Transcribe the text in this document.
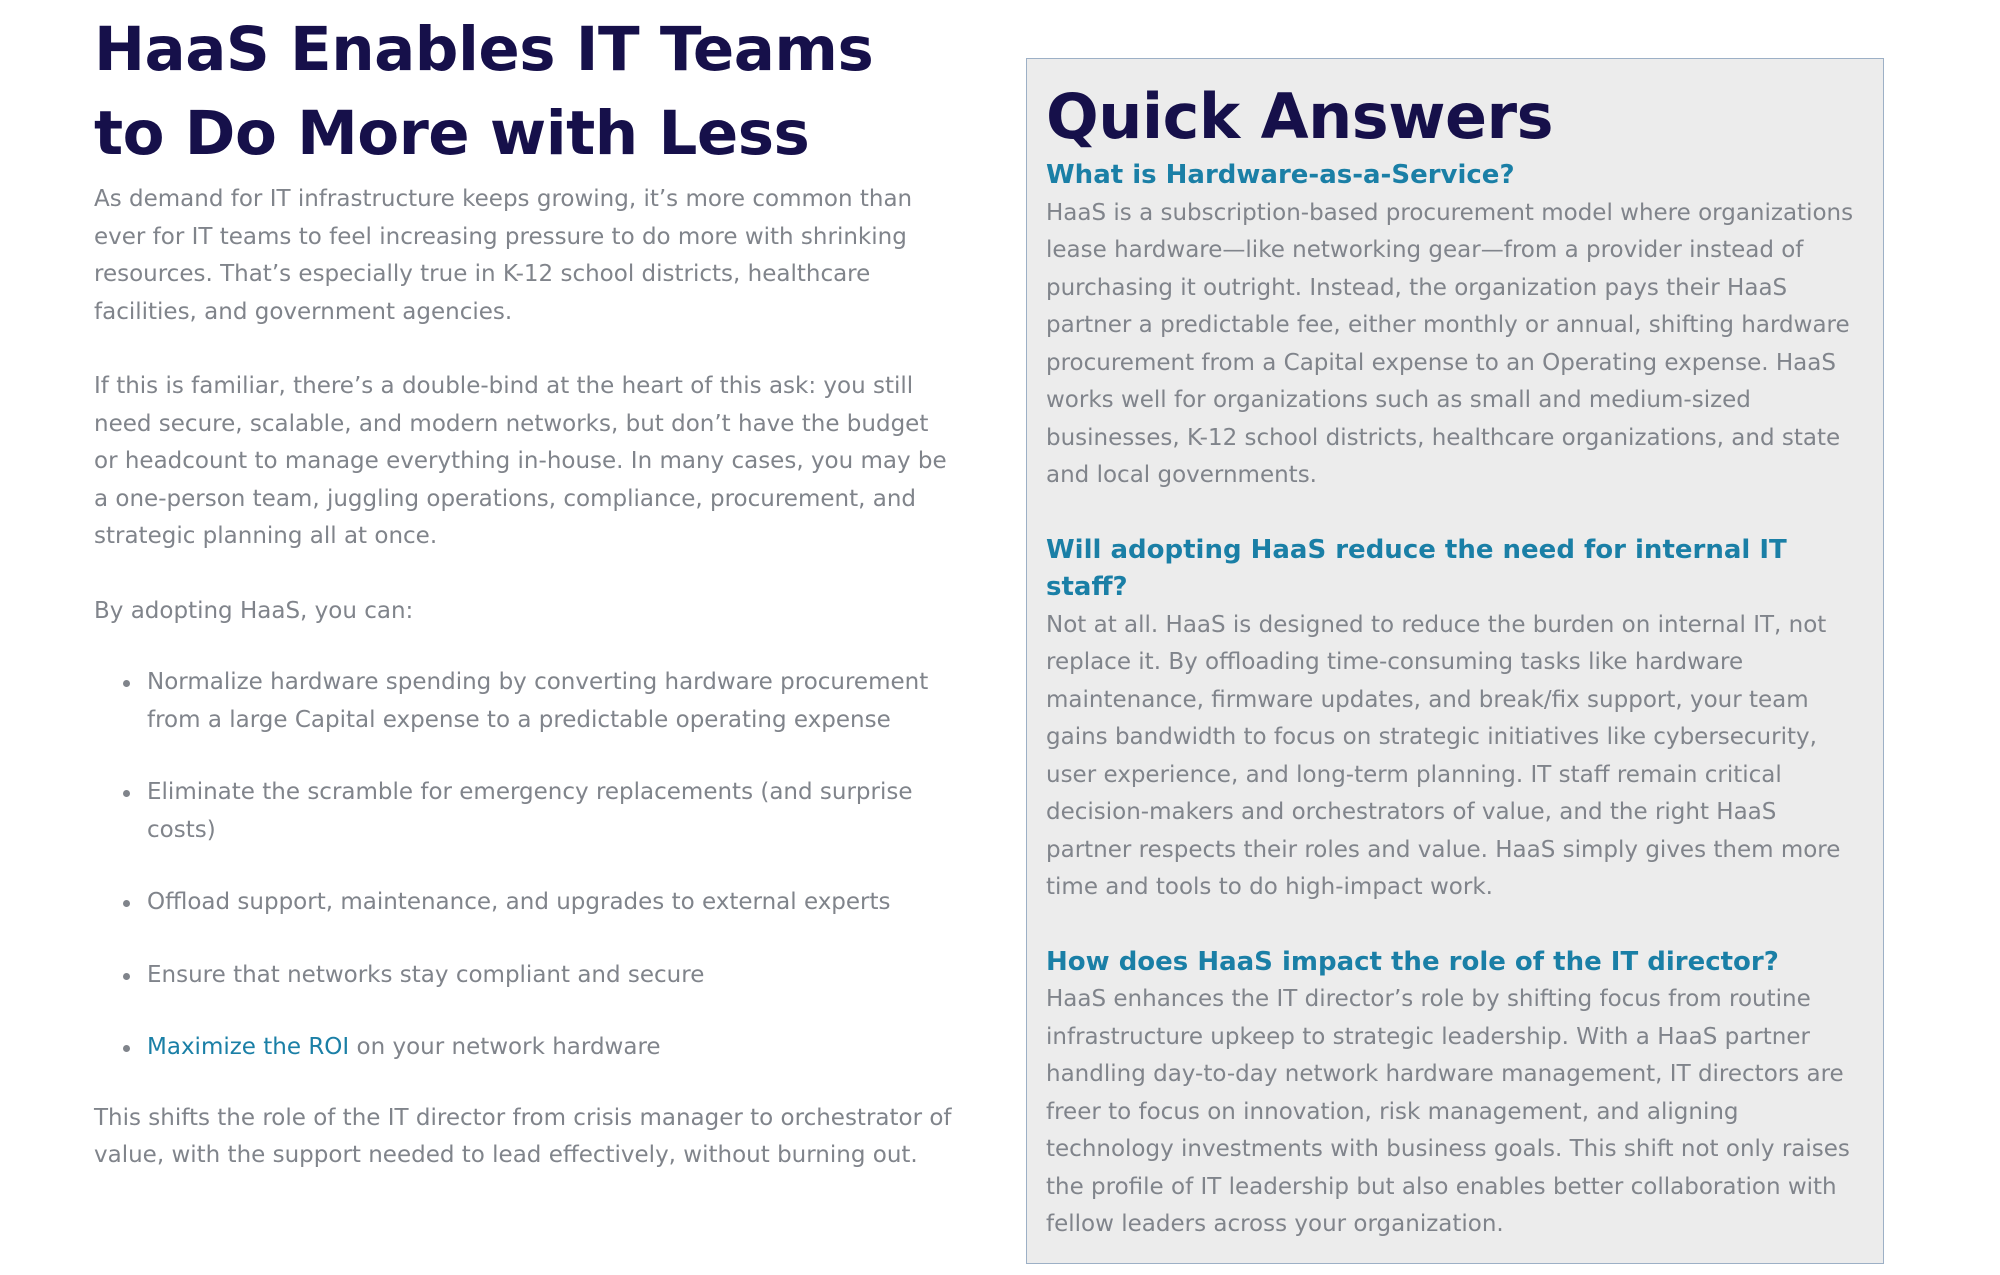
HaaS Enables IT Teams to Do More with Less

As demand for IT infrastructure keeps growing, it’s more common than ever for IT teams to feel increasing pressure to do more with shrinking resources. That’s especially true in K-12 school districts, healthcare facilities, and government agencies.

If this is familiar, there’s a double-bind at the heart of this ask: you still need secure, scalable, and modern networks, but don’t have the budget or headcount to manage everything in-house. In many cases, you may be a one-person team, juggling operations, compliance, procurement, and strategic planning all at once.

By adopting HaaS, you can:

Normalize hardware spending by converting hardware procurement from a large Capital expense to a predictable operating expense
Eliminate the scramble for emergency replacements (and surprise costs)
Offload support, maintenance, and upgrades to external experts
Ensure that networks stay compliant and secure
Maximize the ROI on your network hardware

This shifts the role of the IT director from crisis manager to orchestrator of value, with the support needed to lead effectively, without burning out.

Quick Answers
What is Hardware-as-a-Service?

HaaS is a subscription-based procurement model where organizations lease hardware—like networking gear—from a provider instead of purchasing it outright. Instead, the organization pays their HaaS partner a predictable fee, either monthly or annual, shifting hardware procurement from a Capital expense to an Operating expense. HaaS works well for organizations such as small and medium-sized businesses, K-12 school districts, healthcare organizations, and state and local governments.

Will adopting HaaS reduce the need for internal IT staff?

Not at all. HaaS is designed to reduce the burden on internal IT, not replace it. By offloading time-consuming tasks like hardware maintenance, firmware updates, and break/fix support, your team gains bandwidth to focus on strategic initiatives like cybersecurity, user experience, and long-term planning. IT staff remain critical decision-makers and orchestrators of value, and the right HaaS partner respects their roles and value. HaaS simply gives them more time and tools to do high-impact work.

How does HaaS impact the role of the IT director?

HaaS enhances the IT director’s role by shifting focus from routine infrastructure upkeep to strategic leadership. With a HaaS partner handling day-to-day network hardware management, IT directors are freer to focus on innovation, risk management, and aligning technology investments with business goals. This shift not only raises the profile of IT leadership but also enables better collaboration with fellow leaders across your organization.
